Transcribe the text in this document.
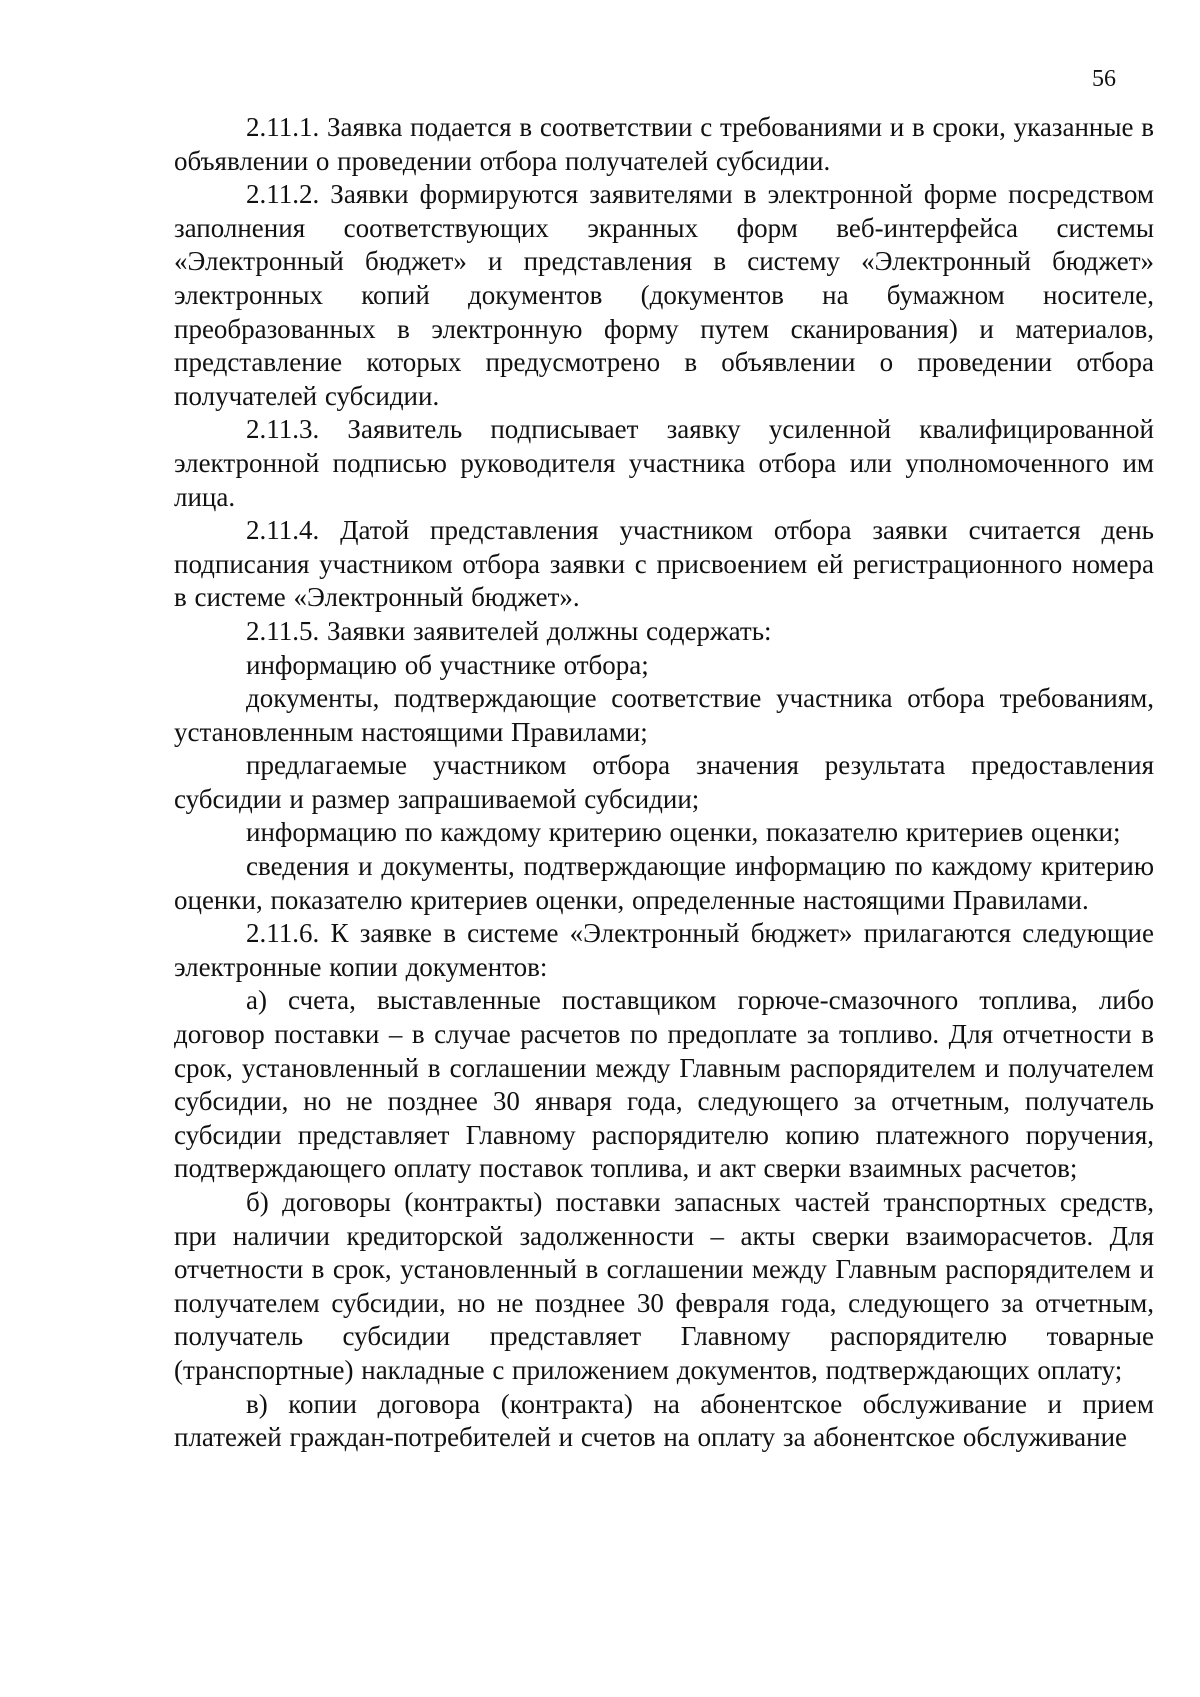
56

2.11.1. Заявка подается в соответствии с требованиями и в сроки, указанные в объявлении о проведении отбора получателей субсидии.

2.11.2. Заявки формируются заявителями в электронной форме посредством заполнения соответствующих экранных форм веб-интерфейса системы «Электронный бюджет» и представления в систему «Электронный бюджет» электронных копий документов (документов на бумажном носителе, преобразованных в электронную форму путем сканирования) и материалов, представление которых предусмотрено в объявлении о проведении отбора получателей субсидии.

2.11.3. Заявитель подписывает заявку усиленной квалифицированной электронной подписью руководителя участника отбора или уполномоченного им лица.

2.11.4. Датой представления участником отбора заявки считается день подписания участником отбора заявки с присвоением ей регистрационного номера в системе «Электронный бюджет».

2.11.5. Заявки заявителей должны содержать:

информацию об участнике отбора;

документы, подтверждающие соответствие участника отбора требованиям, установленным настоящими Правилами;

предлагаемые участником отбора значения результата предоставления субсидии и размер запрашиваемой субсидии;

информацию по каждому критерию оценки, показателю критериев оценки;

сведения и документы, подтверждающие информацию по каждому критерию оценки, показателю критериев оценки, определенные настоящими Правилами.

2.11.6. К заявке в системе «Электронный бюджет» прилагаются следующие электронные копии документов:

а) счета, выставленные поставщиком горюче-смазочного топлива, либо договор поставки – в случае расчетов по предоплате за топливо. Для отчетности в срок, установленный в соглашении между Главным распорядителем и получателем субсидии, но не позднее 30 января года, следующего за отчетным, получатель субсидии представляет Главному распорядителю копию платежного поручения, подтверждающего оплату поставок топлива, и акт сверки взаимных расчетов;

б) договоры (контракты) поставки запасных частей транспортных средств, при наличии кредиторской задолженности – акты сверки взаиморасчетов. Для отчетности в срок, установленный в соглашении между Главным распорядителем и получателем субсидии, но не позднее 30 февраля года, следующего за отчетным, получатель субсидии представляет Главному распорядителю товарные (транспортные) накладные с приложением документов, подтверждающих оплату;

в) копии договора (контракта) на абонентское обслуживание и прием платежей граждан-потребителей и счетов на оплату за абонентское обслуживание
